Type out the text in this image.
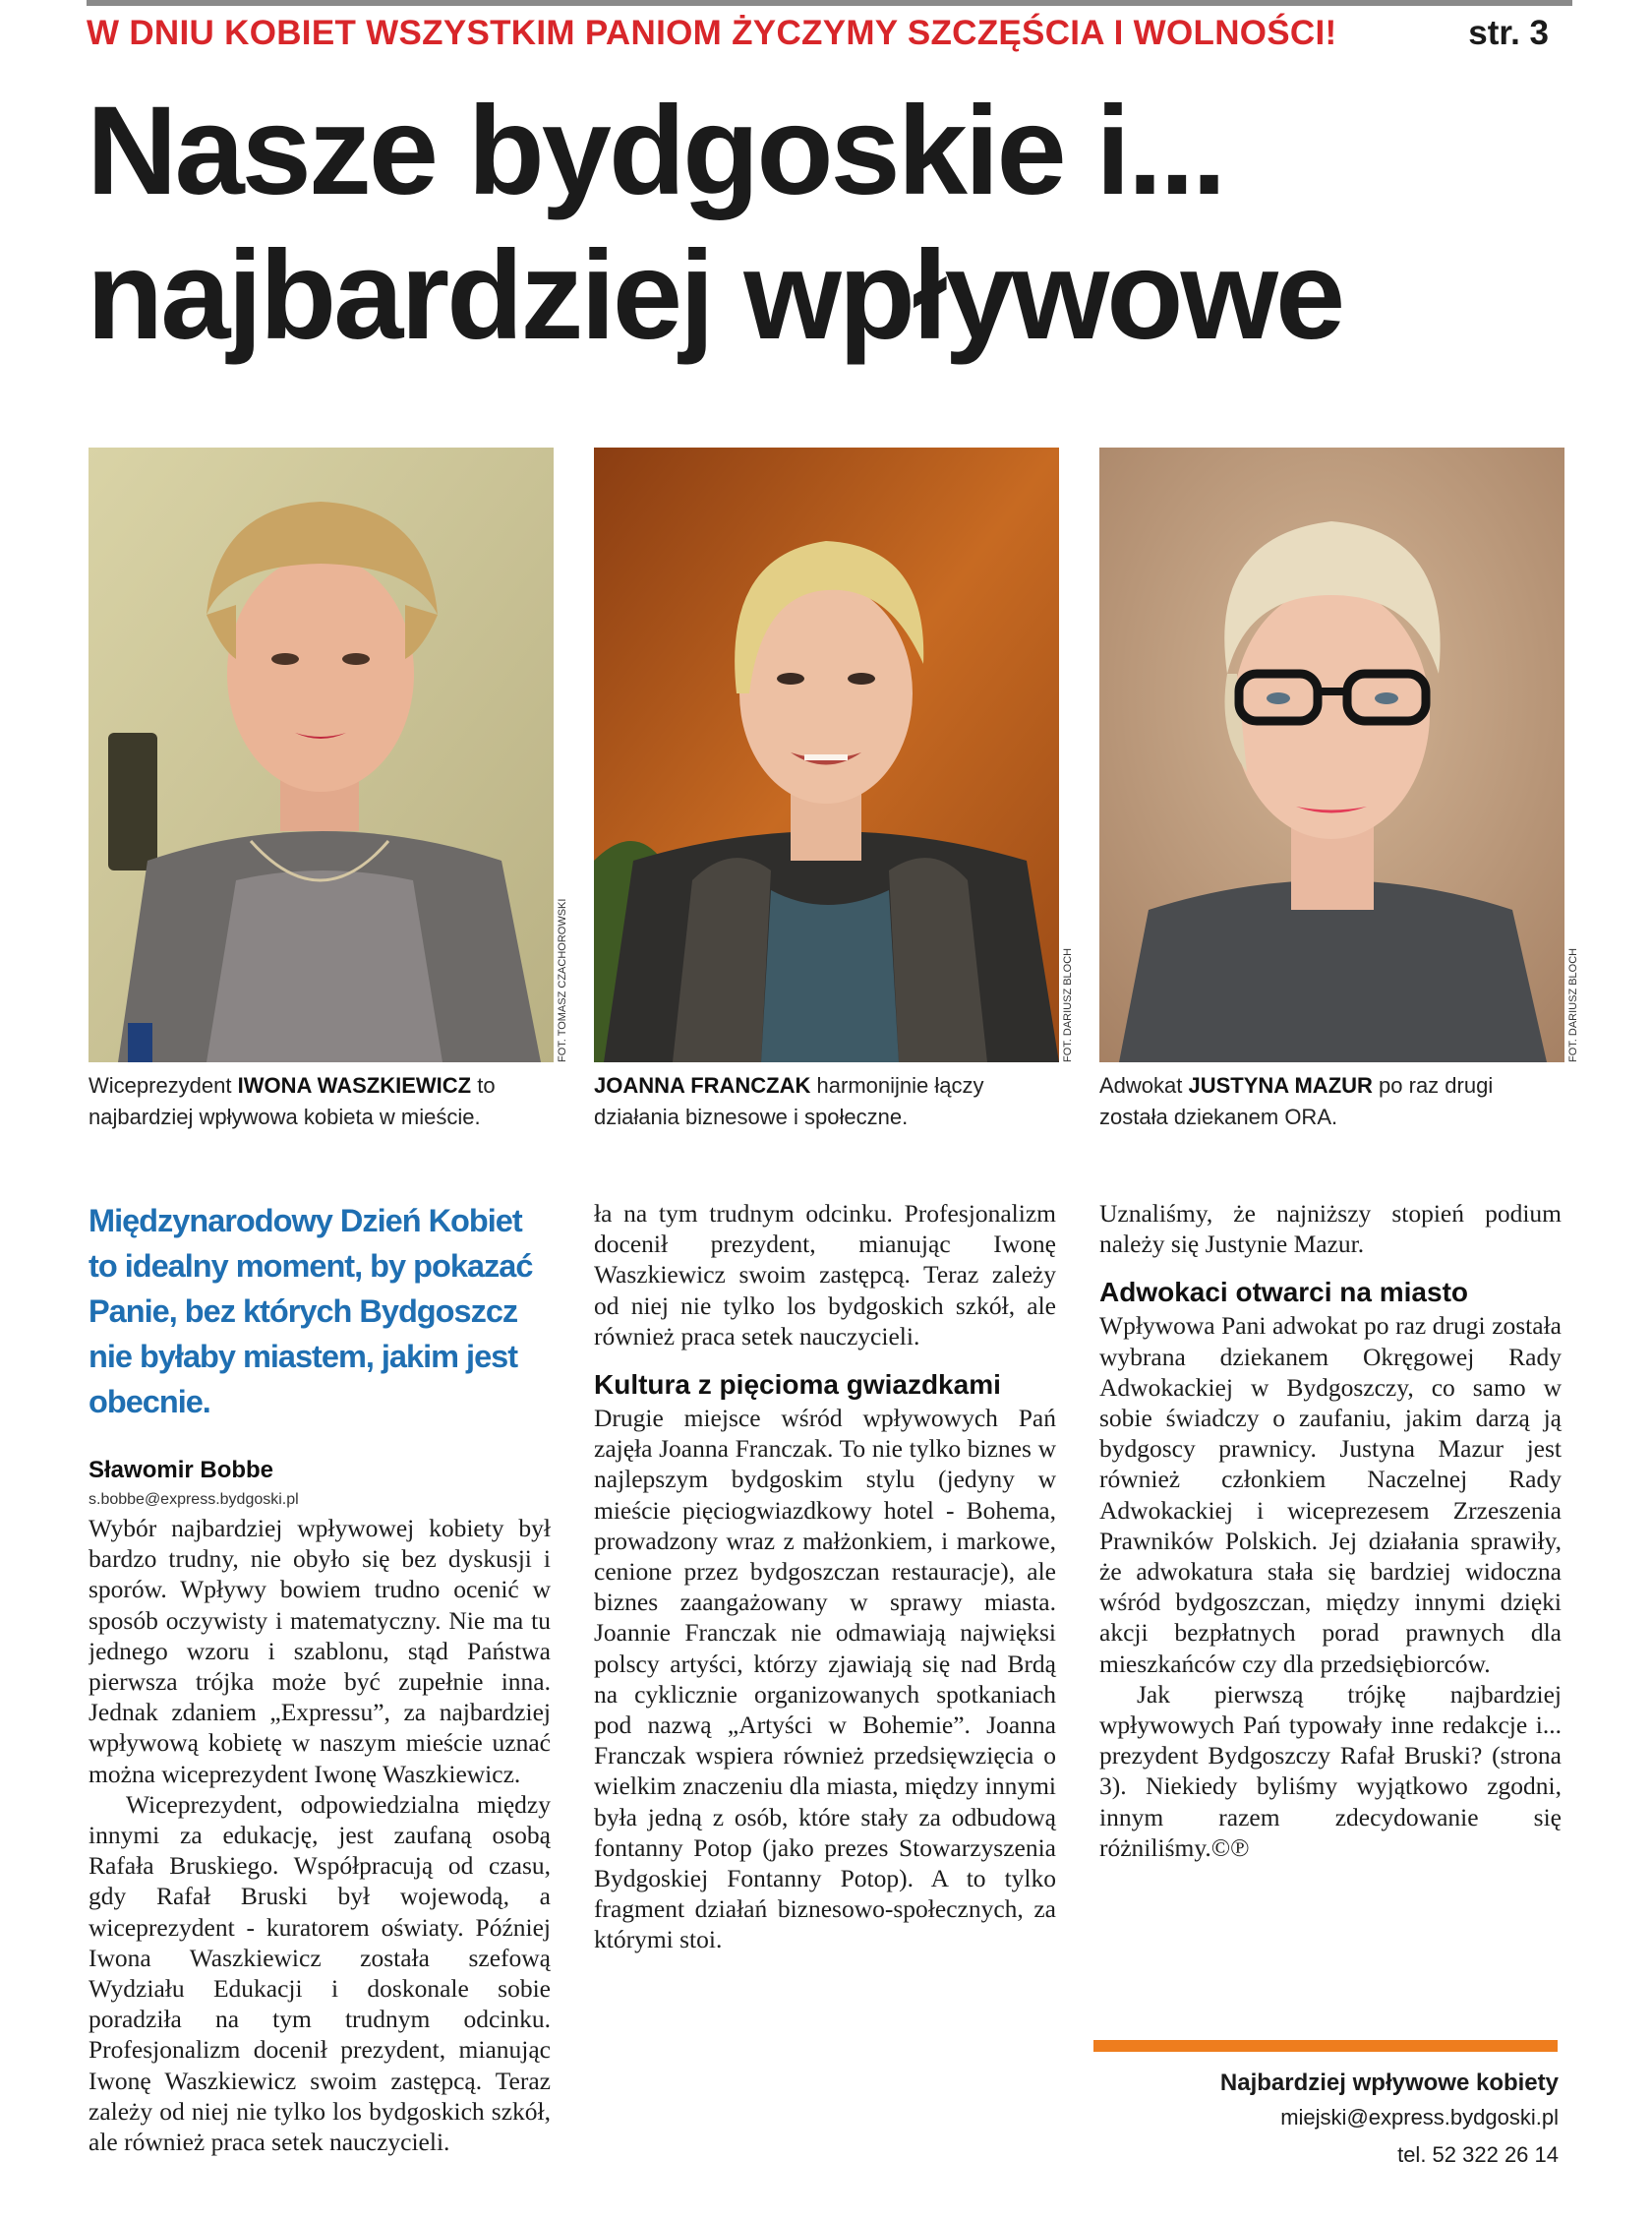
W DNIU KOBIET WSZYSTKIM PANIOM ŻYCZYMY SZCZĘŚCIA I WOLNOŚCI!	str. 3
Nasze bydgoskie i...
najbardziej wpływowe
FOT. TOMASZ CZACHOROWSKI	FOT. DARIUSZ BLOCH	FOT. DARIUSZ BLOCH
Wiceprezydent IWONA WASZKIEWICZ to najbardziej wpływowa kobieta w mieście.
JOANNA FRANCZAK harmonijnie łączy działania biznesowe i społeczne.
Adwokat JUSTYNA MAZUR po raz drugi została dziekanem ORA.
Międzynarodowy Dzień Kobiet to idealny moment, by pokazać Panie, bez których Bydgoszcz nie byłaby miastem, jakim jest obecnie.
Sławomir Bobbe
s.bobbe@express.bydgoski.pl

Wybór najbardziej wpływowej kobiety był bardzo trudny, nie obyło się bez dyskusji i sporów. Wpływy bowiem trudno ocenić w sposób oczywisty i matematyczny. Nie ma tu jednego wzoru i szablonu, stąd Państwa pierwsza trójka może być zupełnie inna. Jednak zdaniem „Expressu”, za najbardziej wpływową kobietę w naszym mieście uznać można wiceprezydent Iwonę Waszkiewicz.

Wiceprezydent, odpowiedzialna między innymi za edukację, jest zaufaną osobą Rafała Bruskiego. Współpracują od czasu, gdy Rafał Bruski był wojewodą, a wiceprezydent - kuratorem oświaty. Później Iwona Waszkiewicz została szefową Wydziału Edukacji i doskonale sobie poradziła na tym trudnym odcinku. Profesjonalizm docenił prezydent, mianując Iwonę Waszkiewicz swoim zastępcą. Teraz zależy od niej nie tylko los bydgoskich szkół, ale również praca setek nauczycieli.

ła na tym trudnym odcinku. Profesjonalizm docenił prezydent, mianując Iwonę Waszkiewicz swoim zastępcą. Teraz zależy od niej nie tylko los bydgoskich szkół, ale również praca setek nauczycieli.

Kultura z pięcioma gwiazdkami

Drugie miejsce wśród wpływowych Pań zajęła Joanna Franczak. To nie tylko biznes w najlepszym bydgoskim stylu (jedyny w mieście pięciogwiazdkowy hotel - Bohema, prowadzony wraz z małżonkiem, i markowe, cenione przez bydgoszczan restauracje), ale biznes zaangażowany w sprawy miasta. Joannie Franczak nie odmawiają najwięksi polscy artyści, którzy zjawiają się nad Brdą na cyklicznie organizowanych spotkaniach pod nazwą „Artyści w Bohemie”. Joanna Franczak wspiera również przedsięwzięcia o wielkim znaczeniu dla miasta, między innymi była jedną z osób, które stały za odbudową fontanny Potop (jako prezes Stowarzyszenia Bydgoskiej Fontanny Potop). A to tylko fragment działań biznesowo-społecznych, za którymi stoi.

Uznaliśmy, że najniższy stopień podium należy się Justynie Mazur.

Adwokaci otwarci na miasto

Wpływowa Pani adwokat po raz drugi została wybrana dziekanem Okręgowej Rady Adwokackiej w Bydgoszczy, co samo w sobie świadczy o zaufaniu, jakim darzą ją bydgoscy prawnicy. Justyna Mazur jest również członkiem Naczelnej Rady Adwokackiej i wiceprezesem Zrzeszenia Prawników Polskich. Jej działania sprawiły, że adwokatura stała się bardziej widoczna wśród bydgoszczan, między innymi dzięki akcji bezpłatnych porad prawnych dla mieszkańców czy dla przedsiębiorców.

Jak pierwszą trójkę najbardziej wpływowych Pań typowały inne redakcje i... prezydent Bydgoszczy Rafał Bruski? (strona 3). Niekiedy byliśmy wyjątkowo zgodni, innym razem zdecydowanie się różniliśmy.©℗

Najbardziej wpływowe kobiety
miejski@express.bydgoski.pl
tel. 52 322 26 14
